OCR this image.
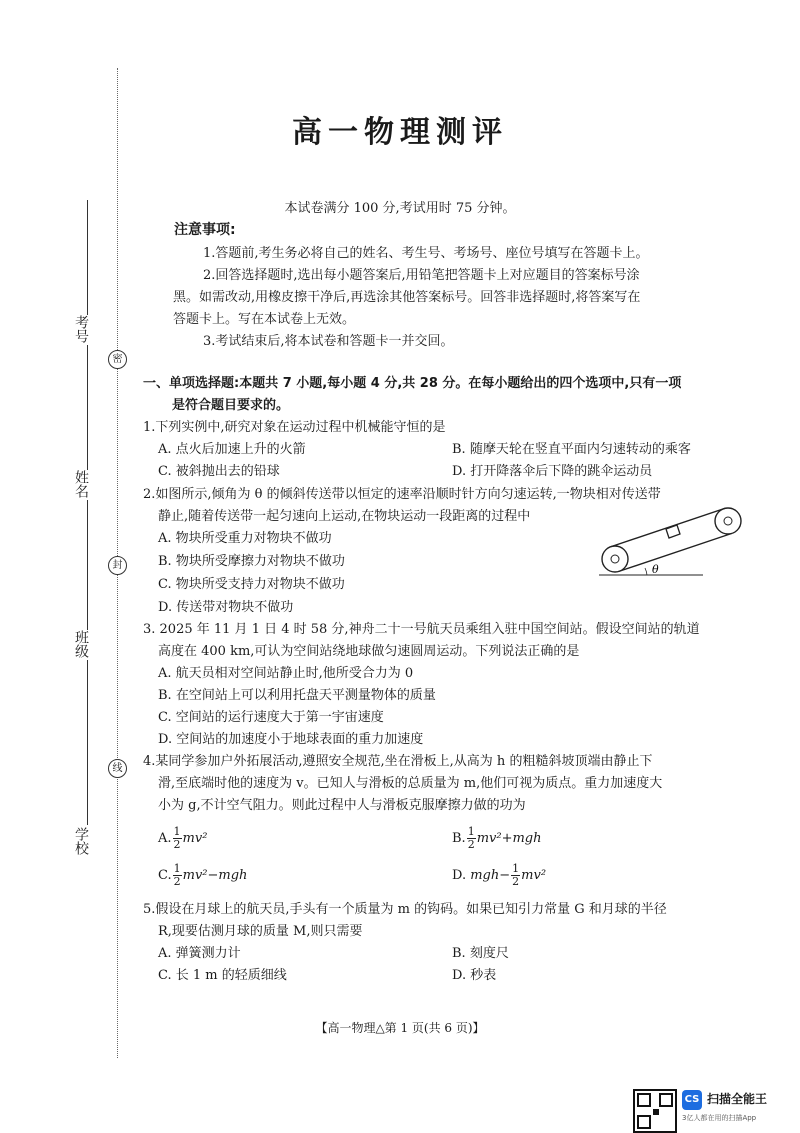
考号
姓名
班级
学校
密
封
线
高一物理测评
本试卷满分 100 分,考试用时 75 分钟。
注意事项:
1.答题前,考生务必将自己的姓名、考生号、考场号、座位号填写在答题卡上。
2.回答选择题时,选出每小题答案后,用铅笔把答题卡上对应题目的答案标号涂
黑。如需改动,用橡皮擦干净后,再选涂其他答案标号。回答非选择题时,将答案写在
答题卡上。写在本试卷上无效。
3.考试结束后,将本试卷和答题卡一并交回。
一、单项选择题:本题共 7 小题,每小题 4 分,共 28 分。在每小题给出的四个选项中,只有一项
是符合题目要求的。
1.下列实例中,研究对象在运动过程中机械能守恒的是
A. 点火后加速上升的火箭	B. 随摩天轮在竖直平面内匀速转动的乘客
C. 被斜抛出去的铅球	D. 打开降落伞后下降的跳伞运动员
2.如图所示,倾角为 θ 的倾斜传送带以恒定的速率沿顺时针方向匀速运转,一物块相对传送带
静止,随着传送带一起匀速向上运动,在物块运动一段距离的过程中
A. 物块所受重力对物块不做功
B. 物块所受摩擦力对物块不做功
C. 物块所受支持力对物块不做功
D. 传送带对物块不做功
θ
3. 2025 年 11 月 1 日 4 时 58 分,神舟二十一号航天员乘组入驻中国空间站。假设空间站的轨道
高度在 400 km,可认为空间站绕地球做匀速圆周运动。下列说法正确的是
A. 航天员相对空间站静止时,他所受合力为 0
B. 在空间站上可以利用托盘天平测量物体的质量
C. 空间站的运行速度大于第一宇宙速度
D. 空间站的加速度小于地球表面的重力加速度
4.某同学参加户外拓展活动,遵照安全规范,坐在滑板上,从高为 h 的粗糙斜坡顶端由静止下
滑,至底端时他的速度为 v。已知人与滑板的总质量为 m,他们可视为质点。重力加速度大
小为 g,不计空气阻力。则此过程中人与滑板克服摩擦力做的功为
A. $\frac{1}{2} mv^2$	B. $\frac{1}{2} mv^2+mgh$
C. $\frac{1}{2} mv^2-mgh$	D. $mgh- \frac{1}{2} mv^2$
5.假设在月球上的航天员,手头有一个质量为 m 的钩码。如果已知引力常量 G 和月球的半径
R,现要估测月球的质量 M,则只需要
A. 弹簧测力计	B. 刻度尺
C. 长 1 m 的轻质细线	D. 秒表
【高一物理△第 1 页(共 6 页)】
CS 扫描全能王
3亿人都在用的扫描App
